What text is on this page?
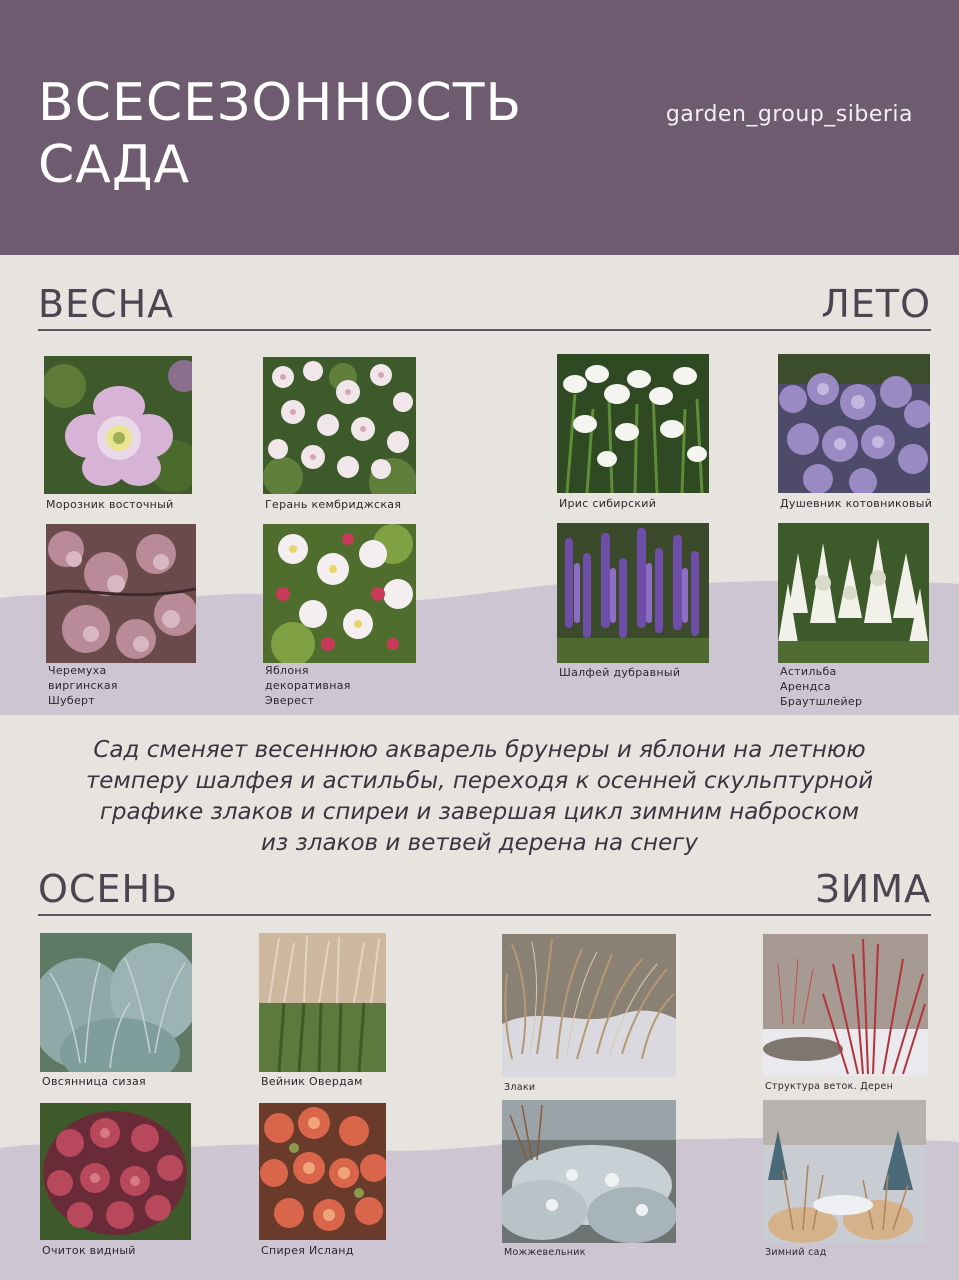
ВСЕСЕЗОННОСТЬ
САДА
garden_group_siberia
ВЕСНА	ЛЕТО
Морозник восточный	Герань кембриджская
Черемуха виргинская
Шуберт
Яблоня декоративная
Эверест
Ирис сибирский	Душевник котовниковый
Шалфей дубравный	Астильба Арендса
Браутшлейер
Сад сменяет весеннюю акварель брунеры и яблони на летнюю
темперу шалфея и астильбы, переходя к осенней скульптурной
графике злаков и спиреи и завершая цикл зимним наброском
из злаков и ветвей дерена на снегу
ОСЕНЬ	ЗИМА
Овсянница сизая	Вейник Овердам
Очиток видный	Спирея Исланд
Злаки	Структура веток. Дерен
Можжевельник	Зимний сад
